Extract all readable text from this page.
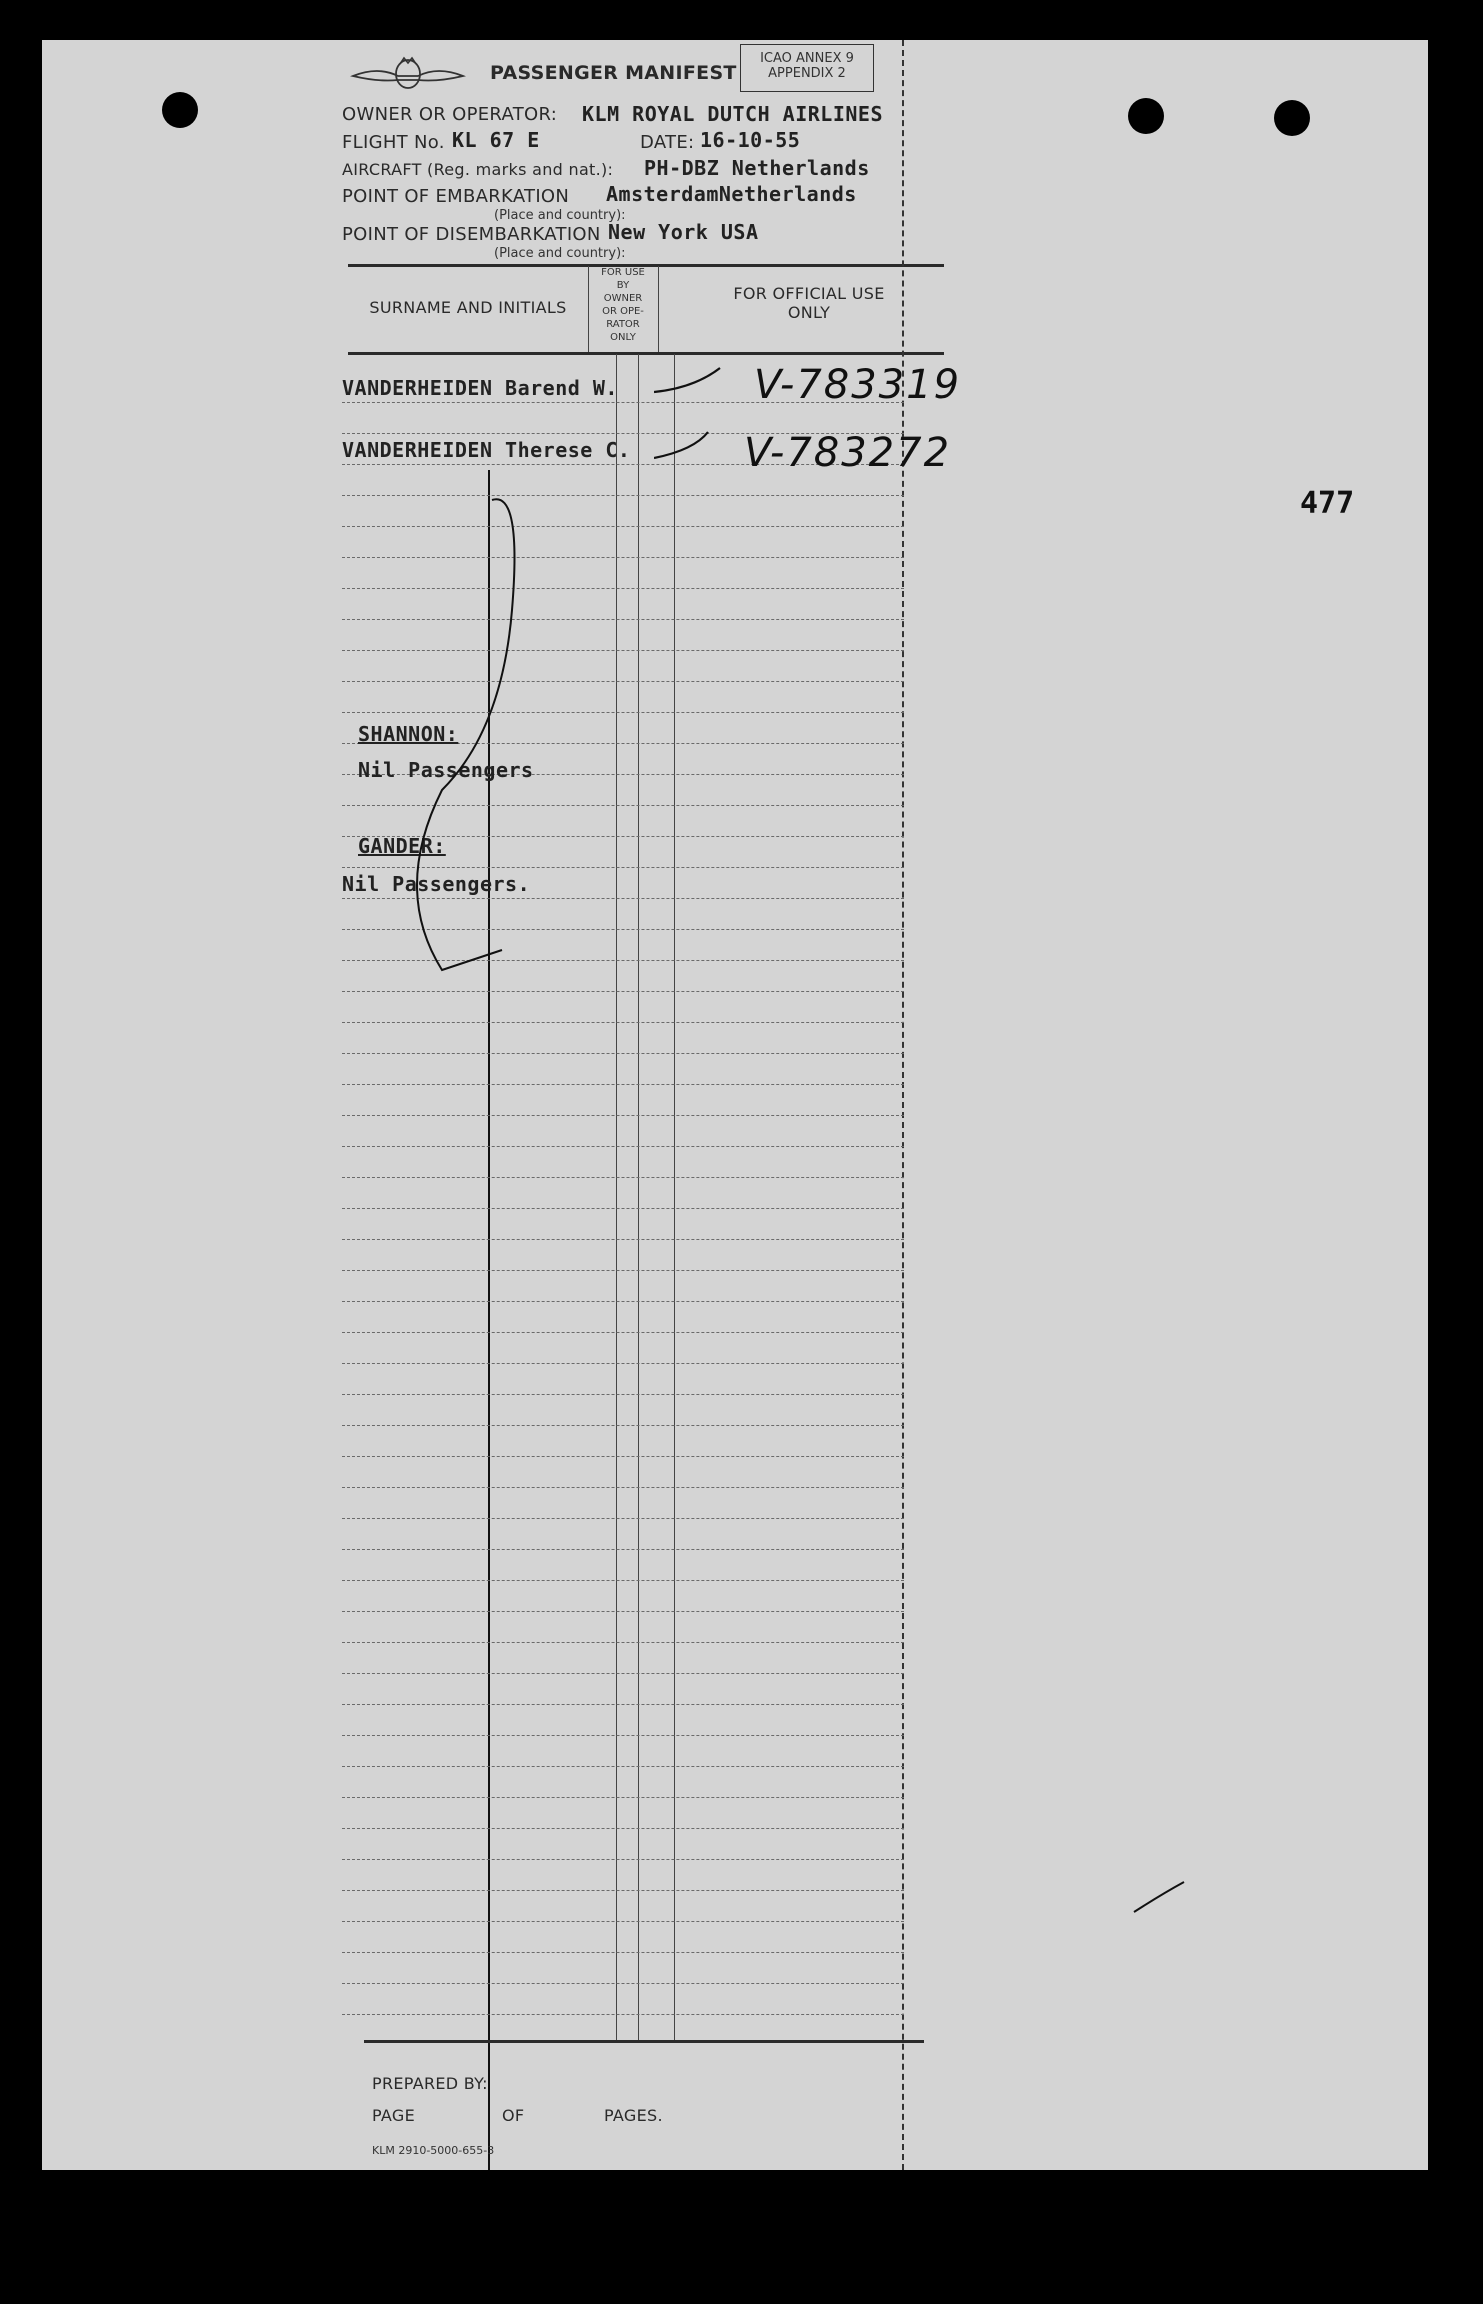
PASSENGER MANIFEST
ICAO ANNEX 9
APPENDIX 2
OWNER OR OPERATOR: KLM ROYAL DUTCH AIRLINES
FLIGHT No. KL 67 E	DATE: 16-10-55
AIRCRAFT (Reg. marks and nat.): PH-DBZ Netherlands
POINT OF EMBARKATION AmsterdamNetherlands
(Place and country):
POINT OF DISEMBARKATION New York USA
(Place and country):
SURNAME AND INITIALS
FOR USE
BY
OWNER
OR OPE-
RATOR
ONLY
FOR OFFICIAL USE
ONLY
VANDERHEIDEN Barend W.	V-783319
VANDERHEIDEN Therese C.	V-783272
SHANNON:
Nil Passengers
GANDER:
Nil Passengers.
PREPARED BY:
PAGE	OF	PAGES.
KLM 2910-5000-655-3
477
